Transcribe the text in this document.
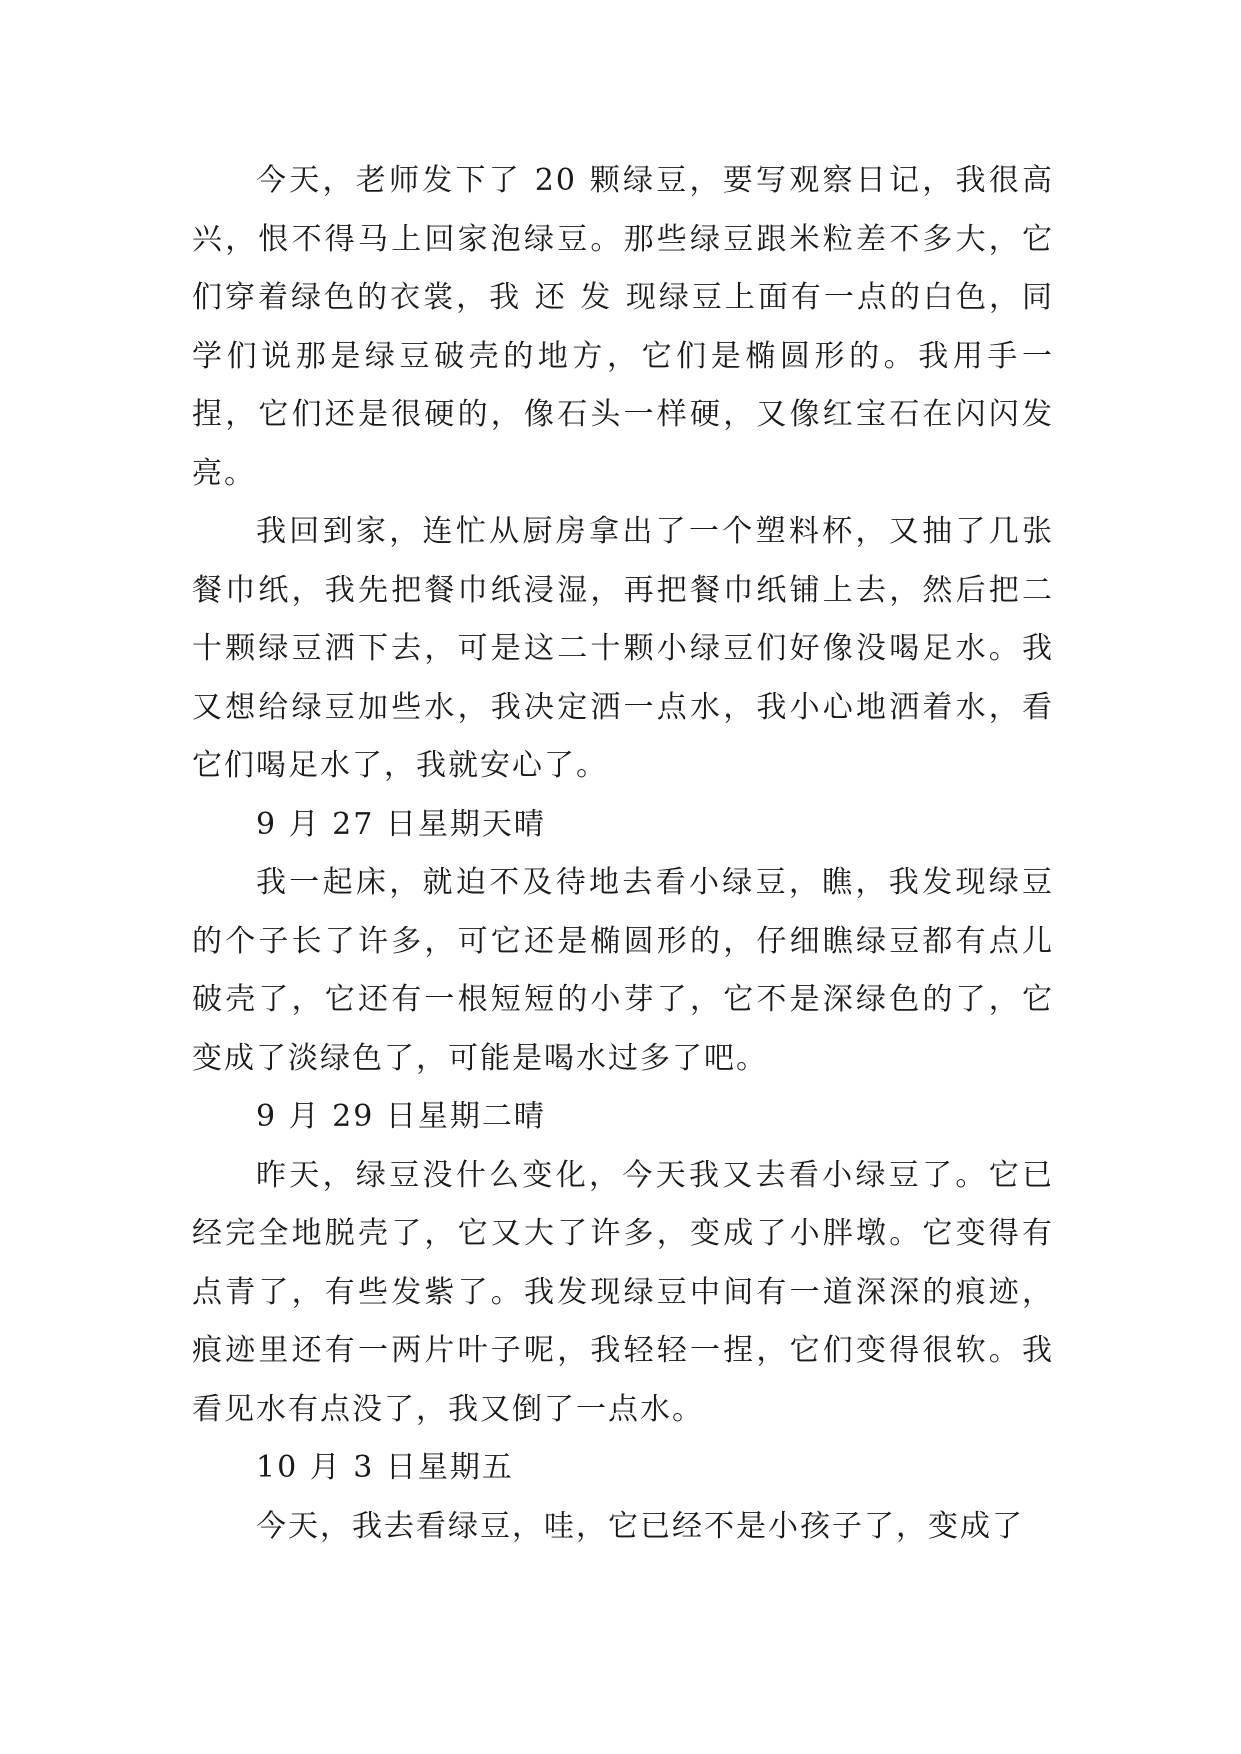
今天，老师发下了 20 颗绿豆，要写观察日记，我很高兴，恨不得马上回家泡绿豆。那些绿豆跟米粒差不多大，它们穿着绿色的衣裳，我 还 发 现绿豆上面有一点的白色，同学们说那是绿豆破壳的地方，它们是椭圆形的。我用手一捏，它们还是很硬的，像石头一样硬，又像红宝石在闪闪发亮。

我回到家，连忙从厨房拿出了一个塑料杯，又抽了几张餐巾纸，我先把餐巾纸浸湿，再把餐巾纸铺上去，然后把二十颗绿豆洒下去，可是这二十颗小绿豆们好像没喝足水。我又想给绿豆加些水，我决定洒一点水，我小心地洒着水，看它们喝足水了，我就安心了。

9 月 27 日星期天晴

我一起床，就迫不及待地去看小绿豆，瞧，我发现绿豆的个子长了许多，可它还是椭圆形的，仔细瞧绿豆都有点儿破壳了，它还有一根短短的小芽了，它不是深绿色的了，它变成了淡绿色了，可能是喝水过多了吧。

9 月 29 日星期二晴

昨天，绿豆没什么变化，今天我又去看小绿豆了。它已经完全地脱壳了，它又大了许多，变成了小胖墩。它变得有点青了，有些发紫了。我发现绿豆中间有一道深深的痕迹，痕迹里还有一两片叶子呢，我轻轻一捏，它们变得很软。我看见水有点没了，我又倒了一点水。

10 月 3 日星期五

今天，我去看绿豆，哇，它已经不是小孩子了，变成了
